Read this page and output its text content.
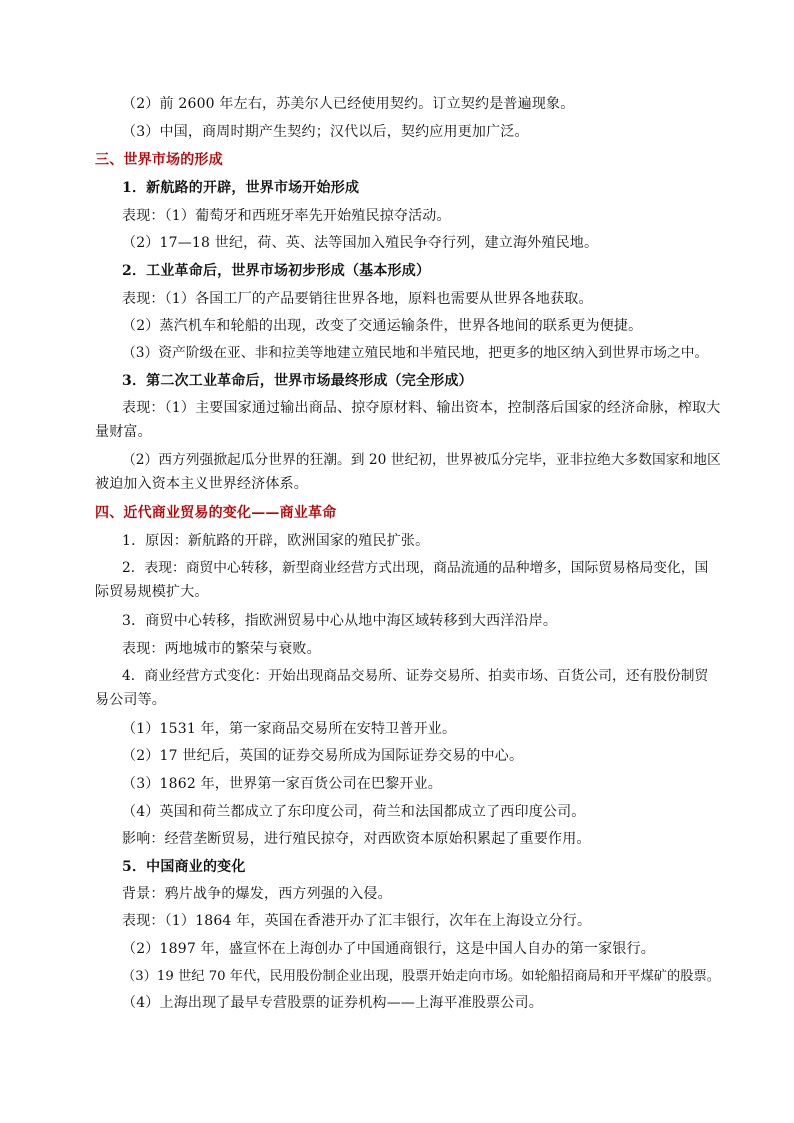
（2）前 2600 年左右，苏美尔人已经使用契约。订立契约是普遍现象。
（3）中国，商周时期产生契约；汉代以后，契约应用更加广泛。
三、世界市场的形成
1．新航路的开辟，世界市场开始形成
表现：（1）葡萄牙和西班牙率先开始殖民掠夺活动。
（2）17—18 世纪，荷、英、法等国加入殖民争夺行列，建立海外殖民地。
2．工业革命后，世界市场初步形成（基本形成）
表现：（1）各国工厂的产品要销往世界各地，原料也需要从世界各地获取。
（2）蒸汽机车和轮船的出现，改变了交通运输条件，世界各地间的联系更为便捷。
（3）资产阶级在亚、非和拉美等地建立殖民地和半殖民地，把更多的地区纳入到世界市场之中。
3．第二次工业革命后，世界市场最终形成（完全形成）
表现：（1）主要国家通过输出商品、掠夺原材料、输出资本，控制落后国家的经济命脉，榨取大
量财富。
（2）西方列强掀起瓜分世界的狂潮。到 20 世纪初，世界被瓜分完毕，亚非拉绝大多数国家和地区
被迫加入资本主义世界经济体系。
四、近代商业贸易的变化——商业革命
1．原因：新航路的开辟，欧洲国家的殖民扩张。
2．表现：商贸中心转移，新型商业经营方式出现，商品流通的品种增多，国际贸易格局变化，国
际贸易规模扩大。
3．商贸中心转移，指欧洲贸易中心从地中海区域转移到大西洋沿岸。
表现：两地城市的繁荣与衰败。
4．商业经营方式变化：开始出现商品交易所、证券交易所、拍卖市场、百货公司，还有股份制贸
易公司等。
（1）1531 年，第一家商品交易所在安特卫普开业。
（2）17 世纪后，英国的证券交易所成为国际证券交易的中心。
（3）1862 年，世界第一家百货公司在巴黎开业。
（4）英国和荷兰都成立了东印度公司，荷兰和法国都成立了西印度公司。
影响：经营垄断贸易，进行殖民掠夺，对西欧资本原始积累起了重要作用。
5．中国商业的变化
背景：鸦片战争的爆发，西方列强的入侵。
表现：（1）1864 年，英国在香港开办了汇丰银行，次年在上海设立分行。
（2）1897 年，盛宣怀在上海创办了中国通商银行，这是中国人自办的第一家银行。
（3）19 世纪 70 年代，民用股份制企业出现，股票开始走向市场。如轮船招商局和开平煤矿的股票。
（4）上海出现了最早专营股票的证券机构——上海平准股票公司。
